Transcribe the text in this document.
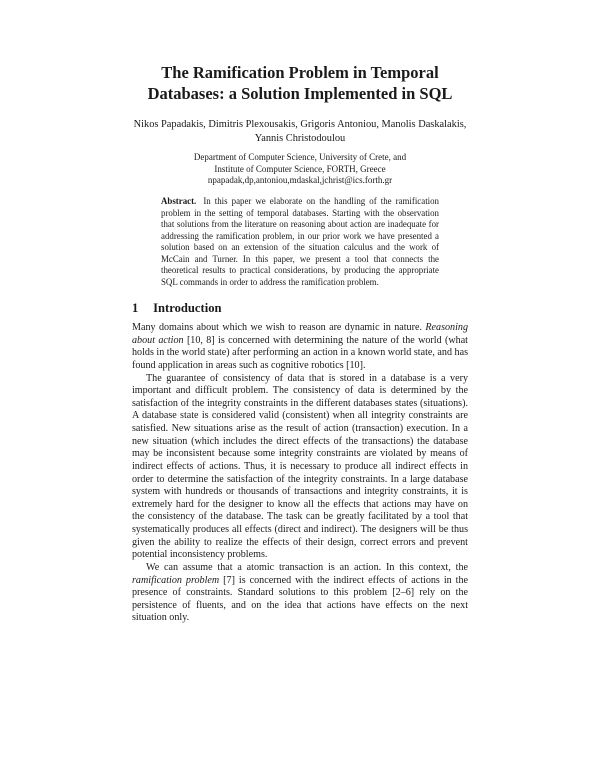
The Ramification Problem in Temporal
Databases: a Solution Implemented in SQL
Nikos Papadakis, Dimitris Plexousakis, Grigoris Antoniou, Manolis Daskalakis,
Yannis Christodoulou
Department of Computer Science, University of Crete, and
Institute of Computer Science, FORTH, Greece
npapadak,dp,antoniou,mdaskal,jchrist@ics.forth.gr
Abstract. In this paper we elaborate on the handling of the ramification problem in the setting of temporal databases. Starting with the observation that solutions from the literature on reasoning about action are inadequate for addressing the ramification problem, in our prior work we have presented a solution based on an extension of the situation calculus and the work of McCain and Turner. In this paper, we present a tool that connects the theoretical results to practical considerations, by producing the appropriate SQL commands in order to address the ramification problem.
1 Introduction

Many domains about which we wish to reason are dynamic in nature. Reasoning about action [10, 8] is concerned with determining the nature of the world (what holds in the world state) after performing an action in a known world state, and has found application in areas such as cognitive robotics [10].

The guarantee of consistency of data that is stored in a database is a very important and difficult problem. The consistency of data is determined by the satisfaction of the integrity constraints in the different databases states (situations). A database state is considered valid (consistent) when all integrity constraints are satisfied. New situations arise as the result of action (transaction) execution. In a new situation (which includes the direct effects of the transactions) the database may be inconsistent because some integrity constraints are violated by means of indirect effects of actions. Thus, it is necessary to produce all indirect effects in order to determine the satisfaction of the integrity constraints. In a large database system with hundreds or thousands of transactions and integrity constraints, it is extremely hard for the designer to know all the effects that actions may have on the consistency of the database. The task can be greatly facilitated by a tool that systematically produces all effects (direct and indirect). The designers will be thus given the ability to realize the effects of their design, correct errors and prevent potential inconsistency problems.

We can assume that a atomic transaction is an action. In this context, the ramification problem [7] is concerned with the indirect effects of actions in the presence of constraints. Standard solutions to this problem [2–6] rely on the persistence of fluents, and on the idea that actions have effects on the next situation only.
